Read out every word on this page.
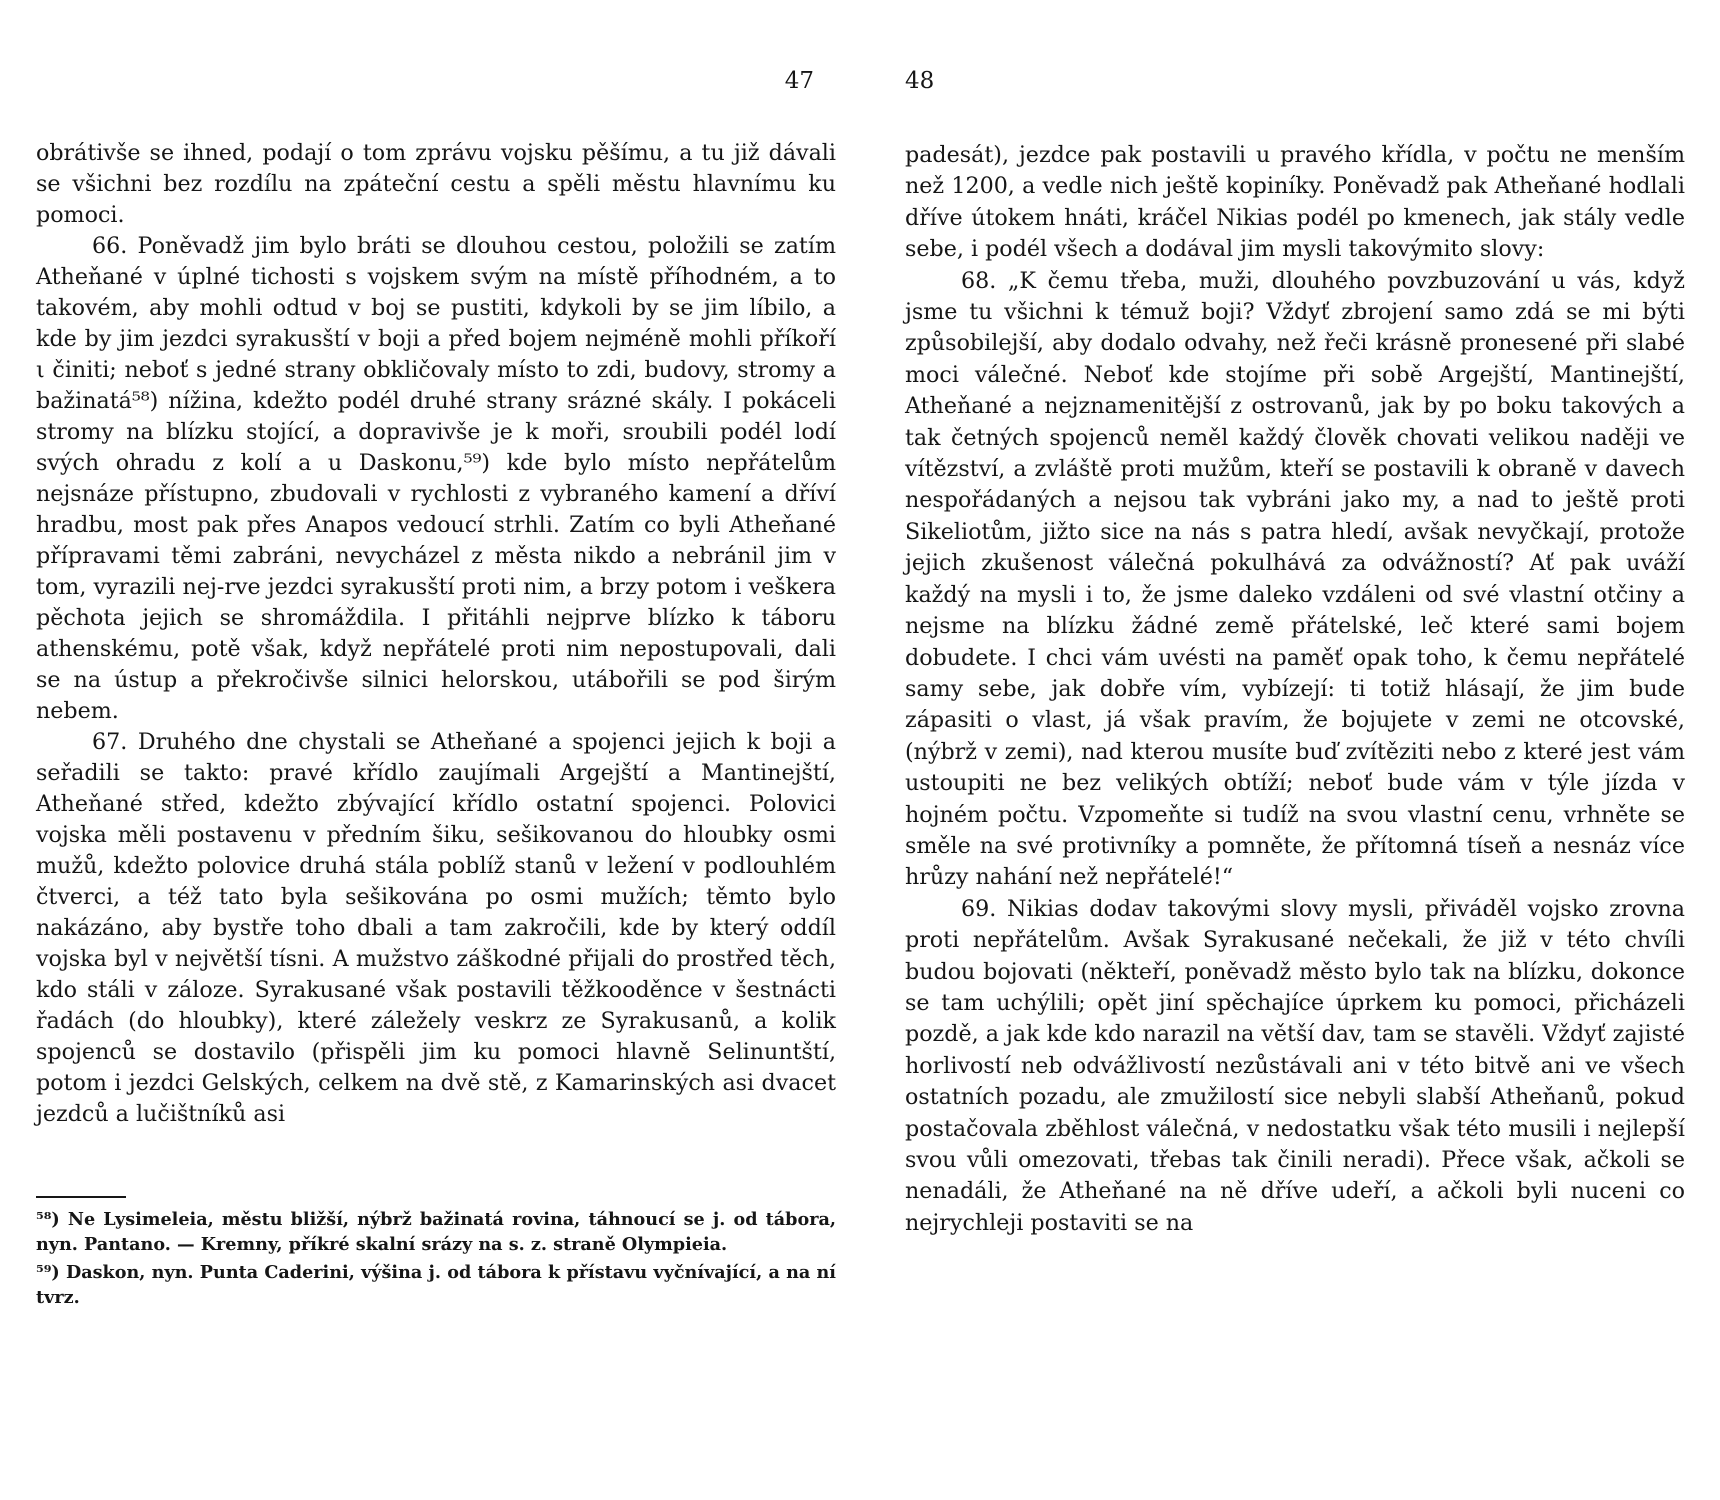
47

obrátivše se ihned, podají o tom zprávu vojsku pěšímu, a tu již dávali se všichni bez rozdílu na zpáteční cestu a spěli městu hlavnímu ku pomoci.

66. Poněvadž jim bylo bráti se dlouhou cestou, položili se zatím Atheňané v úplné tichosti s vojskem svým na místě příhodném, a to takovém, aby mohli odtud v boj se pustiti, kdykoli by se jim líbilo, a kde by jim jezdci syrakusští v boji a před bojem nejméně mohli příkoří ι činiti; neboť s jedné strany obkličovaly místo to zdi, budovy, stromy a bažinatá⁵⁸) nížina, kdežto podél druhé strany srázné skály. I pokáceli stromy na blízku stojící, a dopravivše je k moři, sroubili podél lodí svých ohradu z kolí a u Daskonu,⁵⁹) kde bylo místo nepřátelům nejsnáze přístupno, zbudovali v rychlosti z vybraného kamení a dříví hradbu, most pak přes Anapos vedoucí strhli. Zatím co byli Atheňané přípravami těmi zabráni, nevycházel z města nikdo a nebránil jim v tom, vyrazili nej-rve jezdci syrakusští proti nim, a brzy potom i veškera pěchota jejich se shromáždila. I přitáhli nejprve blízko k táboru athenskému, potě však, když nepřátelé proti nim nepostupovali, dali se na ústup a překročivše silnici helorskou, utábořili se pod širým nebem.

67. Druhého dne chystali se Atheňané a spojenci jejich k boji a seřadili se takto: pravé křídlo zaujímali Argejští a Mantinejští, Atheňané střed, kdežto zbývající křídlo ostatní spojenci. Polovici vojska měli postavenu v předním šiku, sešikovanou do hloubky osmi mužů, kdežto polovice druhá stála poblíž stanů v ležení v podlouhlém čtverci, a též tato byla sešikována po osmi mužích; těmto bylo nakázáno, aby bystře toho dbali a tam zakročili, kde by který oddíl vojska byl v největší tísni. A mužstvo záškodné přijali do prostřed těch, kdo stáli v záloze. Syrakusané však postavili těžkooděnce v šestnácti řadách (do hloubky), které záležely veskrz ze Syrakusanů, a kolik spojenců se dostavilo (přispěli jim ku pomoci hlavně Selinuntští, potom i jezdci Gelských, celkem na dvě stě, z Kamarinských asi dvacet jezdců a lučištníků asi

⁵⁸) Ne Lysimeleia, městu bližší, nýbrž bažinatá rovina, táhnoucí se j. od tábora, nyn. Pantano. — Kremny, příkré skalní srázy na s. z. straně Olympieia.

⁵⁹) Daskon, nyn. Punta Caderini, výšina j. od tábora k přístavu vyčnívající, a na ní tvrz.

48

padesát), jezdce pak postavili u pravého křídla, v počtu ne menším než 1200, a vedle nich ještě kopiníky. Poněvadž pak Atheňané hodlali dříve útokem hnáti, kráčel Nikias podél po kmenech, jak stály vedle sebe, i podél všech a dodával jim mysli takovýmito slovy:

68. „K čemu třeba, muži, dlouhého povzbuzování u vás, když jsme tu všichni k témuž boji? Vždyť zbrojení samo zdá se mi býti způsobilejší, aby dodalo odvahy, než řeči krásně pronesené při slabé moci válečné. Neboť kde stojíme při sobě Argejští, Mantinejští, Atheňané a nejznamenitější z ostrovanů, jak by po boku takových a tak četných spojenců neměl každý člověk chovati velikou naději ve vítězství, a zvláště proti mužům, kteří se postavili k obraně v davech nespořádaných a nejsou tak vybráni jako my, a nad to ještě proti Sikeliotům, jižto sice na nás s patra hledí, avšak nevyčkají, protože jejich zkušenost válečná pokulhává za odvážností? Ať pak uváží každý na mysli i to, že jsme daleko vzdáleni od své vlastní otčiny a nejsme na blízku žádné země přátelské, leč které sami bojem dobudete. I chci vám uvésti na paměť opak toho, k čemu nepřátelé samy sebe, jak dobře vím, vybízejí: ti totiž hlásají, že jim bude zápasiti o vlast, já však pravím, že bojujete v zemi ne otcovské, (nýbrž v zemi), nad kterou musíte buď zvítěziti nebo z které jest vám ustoupiti ne bez velikých obtíží; neboť bude vám v týle jízda v hojném počtu. Vzpomeňte si tudíž na svou vlastní cenu, vrhněte se směle na své protivníky a pomněte, že přítomná tíseň a nesnáz více hrůzy nahání než nepřátelé!“

69. Nikias dodav takovými slovy mysli, přiváděl vojsko zrovna proti nepřátelům. Avšak Syrakusané nečekali, že již v této chvíli budou bojovati (někteří, poněvadž město bylo tak na blízku, dokonce se tam uchýlili; opět jiní spěchajíce úprkem ku pomoci, přicházeli pozdě, a jak kde kdo narazil na větší dav, tam se stavěli. Vždyť zajisté horlivostí neb odvážlivostí nezůstávali ani v této bitvě ani ve všech ostatních pozadu, ale zmužilostí sice nebyli slabší Atheňanů, pokud postačovala zběhlost válečná, v nedostatku však této musili i nejlepší svou vůli omezovati, třebas tak činili neradi). Přece však, ačkoli se nenadáli, že Atheňané na ně dříve udeří, a ačkoli byli nuceni co nejrychleji postaviti se na
